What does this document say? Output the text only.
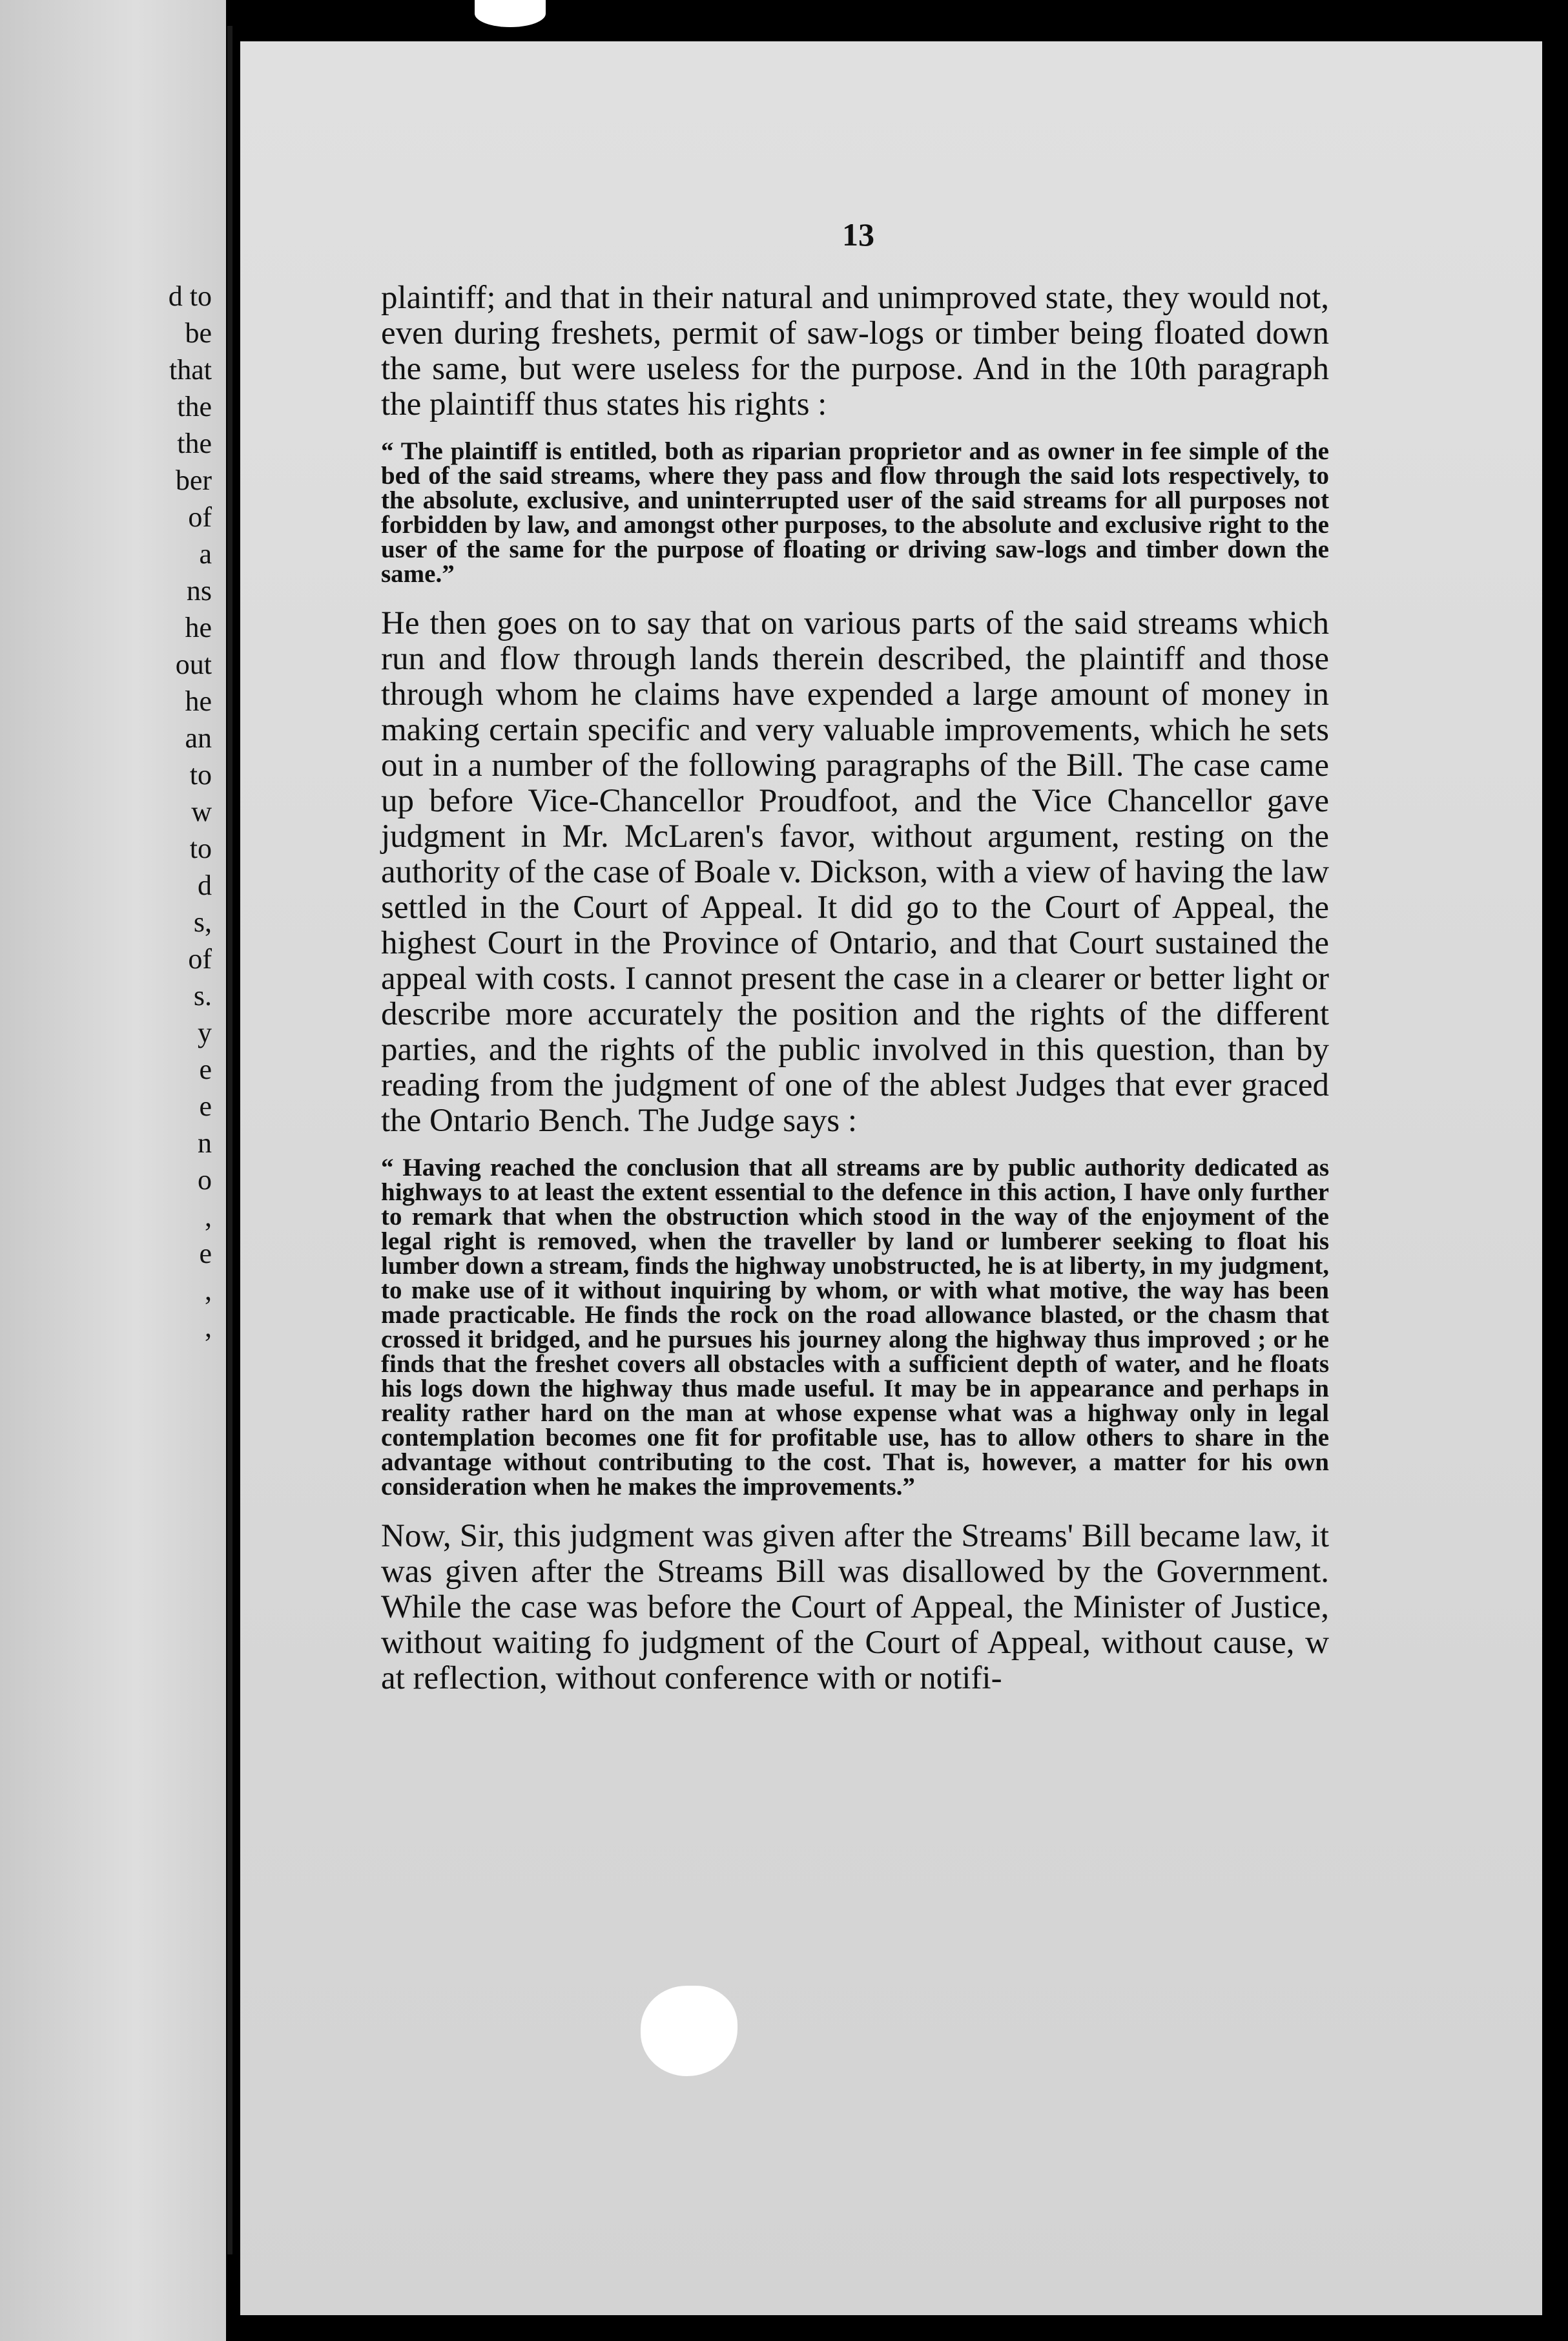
d to
be
that
the
the
ber
of
a
ns
he
out
he
an
to
w
to
d
s,
of
s.
y
e
e
n
o
,
e
,
,
13

plaintiff; and that in their natural and unimproved state, they would not, even during freshets, permit of saw-logs or timber being floated down the same, but were useless for the purpose. And in the 10th paragraph the plaintiff thus states his rights :

“ The plaintiff is entitled, both as riparian proprietor and as owner in fee simple of the bed of the said streams, where they pass and flow through the said lots respectively, to the absolute, exclusive, and uninterrupted user of the said streams for all purposes not forbidden by law, and amongst other purposes, to the absolute and exclusive right to the user of the same for the purpose of floating or driving saw-logs and timber down the same.”

He then goes on to say that on various parts of the said streams which run and flow through lands therein described, the plaintiff and those through whom he claims have expended a large amount of money in making certain specific and very valuable improvements, which he sets out in a number of the following paragraphs of the Bill. The case came up before Vice-Chancellor Proudfoot, and the Vice Chancellor gave judgment in Mr. McLaren's favor, without argument, resting on the authority of the case of Boale v. Dickson, with a view of having the law settled in the Court of Appeal. It did go to the Court of Appeal, the highest Court in the Province of Ontario, and that Court sustained the appeal with costs. I cannot present the case in a clearer or better light or describe more accurately the position and the rights of the different parties, and the rights of the public involved in this question, than by reading from the judgment of one of the ablest Judges that ever graced the Ontario Bench. The Judge says :

“ Having reached the conclusion that all streams are by public authority dedicated as highways to at least the extent essential to the defence in this action, I have only further to remark that when the obstruction which stood in the way of the enjoyment of the legal right is removed, when the traveller by land or lumberer seeking to float his lumber down a stream, finds the highway unobstructed, he is at liberty, in my judgment, to make use of it without inquiring by whom, or with what motive, the way has been made practicable. He finds the rock on the road allowance blasted, or the chasm that crossed it bridged, and he pursues his journey along the highway thus improved ; or he finds that the freshet covers all obstacles with a sufficient depth of water, and he floats his logs down the highway thus made useful. It may be in appearance and perhaps in reality rather hard on the man at whose expense what was a highway only in legal contemplation becomes one fit for profitable use, has to allow others to share in the advantage without contributing to the cost. That is, however, a matter for his own consideration when he makes the improvements.”

Now, Sir, this judgment was given after the Streams' Bill became law, it was given after the Streams Bill was disallowed by the Government. While the case was before the Court of Appeal, the Minister of Justice, without waiting fo judgment of the Court of Appeal, without cause, w at reflection, without conference with or notifi-
